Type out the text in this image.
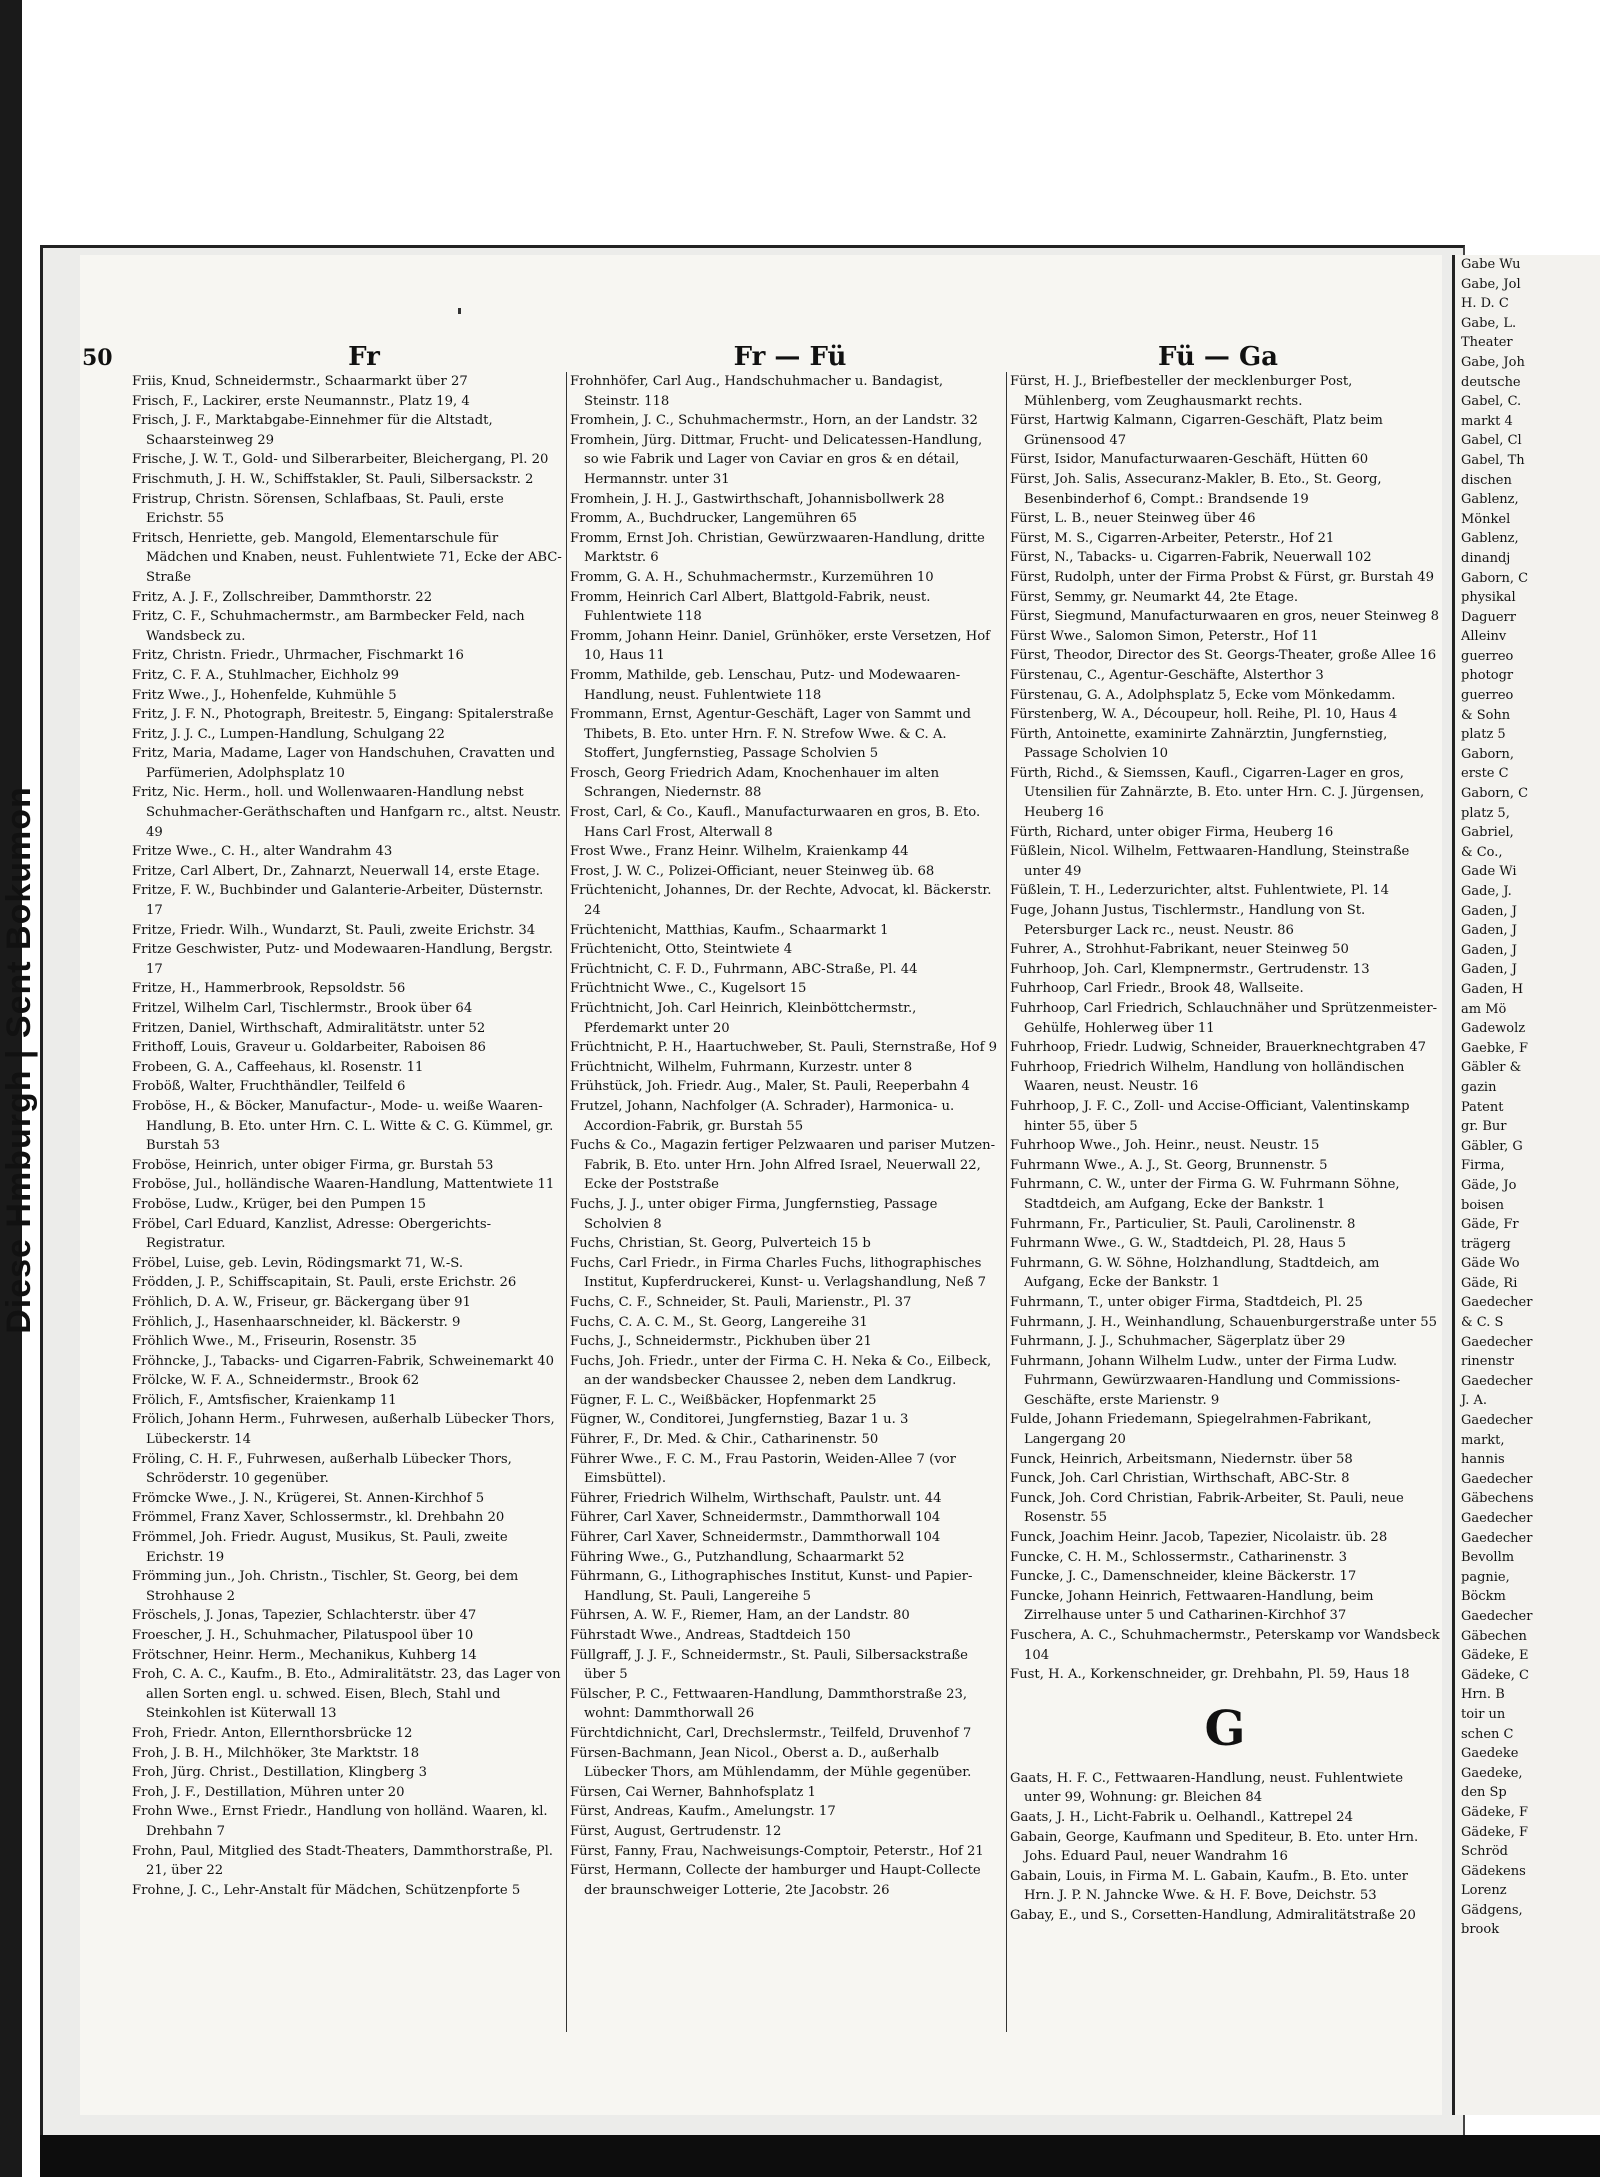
Diese Hmburgh | Sent Bokumon
50	Fr	Fr — Fü	Fü — Ga
Friis, Knud, Schneidermstr., Schaarmarkt über 27
Frisch, F., Lackirer, erste Neumannstr., Platz 19, 4
Frisch, J. F., Marktabgabe-Einnehmer für die Altstadt, Schaarsteinweg 29
Frische, J. W. T., Gold- und Silberarbeiter, Bleichergang, Pl. 20
Frischmuth, J. H. W., Schiffstakler, St. Pauli, Silbersackstr. 2
Fristrup, Christn. Sörensen, Schlafbaas, St. Pauli, erste Erichstr. 55
Fritsch, Henriette, geb. Mangold, Elementarschule für Mädchen und Knaben, neust. Fuhlentwiete 71, Ecke der ABC-Straße
Fritz, A. J. F., Zollschreiber, Dammthorstr. 22
Fritz, C. F., Schuhmachermstr., am Barmbecker Feld, nach Wandsbeck zu.
Fritz, Christn. Friedr., Uhrmacher, Fischmarkt 16
Fritz, C. F. A., Stuhlmacher, Eichholz 99
Fritz Wwe., J., Hohenfelde, Kuhmühle 5
Fritz, J. F. N., Photograph, Breitestr. 5, Eingang: Spitalerstraße
Fritz, J. J. C., Lumpen-Handlung, Schulgang 22
Fritz, Maria, Madame, Lager von Handschuhen, Cravatten und Parfümerien, Adolphsplatz 10
Fritz, Nic. Herm., holl. und Wollenwaaren-Handlung nebst Schuhmacher-Geräthschaften und Hanfgarn rc., altst. Neustr. 49
Fritze Wwe., C. H., alter Wandrahm 43
Fritze, Carl Albert, Dr., Zahnarzt, Neuerwall 14, erste Etage.
Fritze, F. W., Buchbinder und Galanterie-Arbeiter, Düsternstr. 17
Fritze, Friedr. Wilh., Wundarzt, St. Pauli, zweite Erichstr. 34
Fritze Geschwister, Putz- und Modewaaren-Handlung, Bergstr. 17
Fritze, H., Hammerbrook, Repsoldstr. 56
Fritzel, Wilhelm Carl, Tischlermstr., Brook über 64
Fritzen, Daniel, Wirthschaft, Admiralitätstr. unter 52
Frithoff, Louis, Graveur u. Goldarbeiter, Raboisen 86
Frobeen, G. A., Caffeehaus, kl. Rosenstr. 11
Froböß, Walter, Fruchthändler, Teilfeld 6
Froböse, H., & Böcker, Manufactur-, Mode- u. weiße Waaren-Handlung, B. Eto. unter Hrn. C. L. Witte & C. G. Kümmel, gr. Burstah 53
Froböse, Heinrich, unter obiger Firma, gr. Burstah 53
Froböse, Jul., holländische Waaren-Handlung, Mattentwiete 11
Froböse, Ludw., Krüger, bei den Pumpen 15
Fröbel, Carl Eduard, Kanzlist, Adresse: Obergerichts-Registratur.
Fröbel, Luise, geb. Levin, Rödingsmarkt 71, W.-S.
Frödden, J. P., Schiffscapitain, St. Pauli, erste Erichstr. 26
Fröhlich, D. A. W., Friseur, gr. Bäckergang über 91
Fröhlich, J., Hasenhaarschneider, kl. Bäckerstr. 9
Fröhlich Wwe., M., Friseurin, Rosenstr. 35
Fröhncke, J., Tabacks- und Cigarren-Fabrik, Schweinemarkt 40
Frölcke, W. F. A., Schneidermstr., Brook 62
Frölich, F., Amtsfischer, Kraienkamp 11
Frölich, Johann Herm., Fuhrwesen, außerhalb Lübecker Thors, Lübeckerstr. 14
Fröling, C. H. F., Fuhrwesen, außerhalb Lübecker Thors, Schröderstr. 10 gegenüber.
Frömcke Wwe., J. N., Krügerei, St. Annen-Kirchhof 5
Frömmel, Franz Xaver, Schlossermstr., kl. Drehbahn 20
Frömmel, Joh. Friedr. August, Musikus, St. Pauli, zweite Erichstr. 19
Frömming jun., Joh. Christn., Tischler, St. Georg, bei dem Strohhause 2
Fröschels, J. Jonas, Tapezier, Schlachterstr. über 47
Froescher, J. H., Schuhmacher, Pilatuspool über 10
Frötschner, Heinr. Herm., Mechanikus, Kuhberg 14
Froh, C. A. C., Kaufm., B. Eto., Admiralitätstr. 23, das Lager von allen Sorten engl. u. schwed. Eisen, Blech, Stahl und Steinkohlen ist Küterwall 13
Froh, Friedr. Anton, Ellernthorsbrücke 12
Froh, J. B. H., Milchhöker, 3te Marktstr. 18
Froh, Jürg. Christ., Destillation, Klingberg 3
Froh, J. F., Destillation, Mühren unter 20
Frohn Wwe., Ernst Friedr., Handlung von holländ. Waaren, kl. Drehbahn 7
Frohn, Paul, Mitglied des Stadt-Theaters, Dammthorstraße, Pl. 21, über 22
Frohne, J. C., Lehr-Anstalt für Mädchen, Schützenpforte 5
Frohnhöfer, Carl Aug., Handschuhmacher u. Bandagist, Steinstr. 118
Fromhein, J. C., Schuhmachermstr., Horn, an der Landstr. 32
Fromhein, Jürg. Dittmar, Frucht- und Delicatessen-Handlung, so wie Fabrik und Lager von Caviar en gros & en détail, Hermannstr. unter 31
Fromhein, J. H. J., Gastwirthschaft, Johannisbollwerk 28
Fromm, A., Buchdrucker, Langemühren 65
Fromm, Ernst Joh. Christian, Gewürzwaaren-Handlung, dritte Marktstr. 6
Fromm, G. A. H., Schuhmachermstr., Kurzemühren 10
Fromm, Heinrich Carl Albert, Blattgold-Fabrik, neust. Fuhlentwiete 118
Fromm, Johann Heinr. Daniel, Grünhöker, erste Versetzen, Hof 10, Haus 11
Fromm, Mathilde, geb. Lenschau, Putz- und Modewaaren-Handlung, neust. Fuhlentwiete 118
Frommann, Ernst, Agentur-Geschäft, Lager von Sammt und Thibets, B. Eto. unter Hrn. F. N. Strefow Wwe. & C. A. Stoffert, Jungfernstieg, Passage Scholvien 5
Frosch, Georg Friedrich Adam, Knochenhauer im alten Schrangen, Niedernstr. 88
Frost, Carl, & Co., Kaufl., Manufacturwaaren en gros, B. Eto. Hans Carl Frost, Alterwall 8
Frost Wwe., Franz Heinr. Wilhelm, Kraienkamp 44
Frost, J. W. C., Polizei-Officiant, neuer Steinweg üb. 68
Früchtenicht, Johannes, Dr. der Rechte, Advocat, kl. Bäckerstr. 24
Früchtenicht, Matthias, Kaufm., Schaarmarkt 1
Früchtenicht, Otto, Steintwiete 4
Früchtnicht, C. F. D., Fuhrmann, ABC-Straße, Pl. 44
Früchtnicht Wwe., C., Kugelsort 15
Früchtnicht, Joh. Carl Heinrich, Kleinböttchermstr., Pferdemarkt unter 20
Früchtnicht, P. H., Haartuchweber, St. Pauli, Sternstraße, Hof 9
Früchtnicht, Wilhelm, Fuhrmann, Kurzestr. unter 8
Frühstück, Joh. Friedr. Aug., Maler, St. Pauli, Reeperbahn 4
Frutzel, Johann, Nachfolger (A. Schrader), Harmonica- u. Accordion-Fabrik, gr. Burstah 55
Fuchs & Co., Magazin fertiger Pelzwaaren und pariser Mutzen-Fabrik, B. Eto. unter Hrn. John Alfred Israel, Neuerwall 22, Ecke der Poststraße
Fuchs, J. J., unter obiger Firma, Jungfernstieg, Passage Scholvien 8
Fuchs, Christian, St. Georg, Pulverteich 15 b
Fuchs, Carl Friedr., in Firma Charles Fuchs, lithographisches Institut, Kupferdruckerei, Kunst- u. Verlagshandlung, Neß 7
Fuchs, C. F., Schneider, St. Pauli, Marienstr., Pl. 37
Fuchs, C. A. C. M., St. Georg, Langereihe 31
Fuchs, J., Schneidermstr., Pickhuben über 21
Fuchs, Joh. Friedr., unter der Firma C. H. Neka & Co., Eilbeck, an der wandsbecker Chaussee 2, neben dem Landkrug.
Fügner, F. L. C., Weißbäcker, Hopfenmarkt 25
Fügner, W., Conditorei, Jungfernstieg, Bazar 1 u. 3
Führer, F., Dr. Med. & Chir., Catharinenstr. 50
Führer Wwe., F. C. M., Frau Pastorin, Weiden-Allee 7 (vor Eimsbüttel).
Führer, Friedrich Wilhelm, Wirthschaft, Paulstr. unt. 44
Führer, Carl Xaver, Schneidermstr., Dammthorwall 104
Führer, Carl Xaver, Schneidermstr., Dammthorwall 104
Führing Wwe., G., Putzhandlung, Schaarmarkt 52
Führmann, G., Lithographisches Institut, Kunst- und Papier-Handlung, St. Pauli, Langereihe 5
Führsen, A. W. F., Riemer, Ham, an der Landstr. 80
Führstadt Wwe., Andreas, Stadtdeich 150
Füllgraff, J. J. F., Schneidermstr., St. Pauli, Silbersackstraße über 5
Fülscher, P. C., Fettwaaren-Handlung, Dammthorstraße 23, wohnt: Dammthorwall 26
Fürchtdichnicht, Carl, Drechslermstr., Teilfeld, Druvenhof 7
Fürsen-Bachmann, Jean Nicol., Oberst a. D., außerhalb Lübecker Thors, am Mühlendamm, der Mühle gegenüber.
Fürsen, Cai Werner, Bahnhofsplatz 1
Fürst, Andreas, Kaufm., Amelungstr. 17
Fürst, August, Gertrudenstr. 12
Fürst, Fanny, Frau, Nachweisungs-Comptoir, Peterstr., Hof 21
Fürst, Hermann, Collecte der hamburger und Haupt-Collecte der braunschweiger Lotterie, 2te Jacobstr. 26
Fürst, H. J., Briefbesteller der mecklenburger Post, Mühlenberg, vom Zeughausmarkt rechts.
Fürst, Hartwig Kalmann, Cigarren-Geschäft, Platz beim Grünensood 47
Fürst, Isidor, Manufacturwaaren-Geschäft, Hütten 60
Fürst, Joh. Salis, Assecuranz-Makler, B. Eto., St. Georg, Besenbinderhof 6, Compt.: Brandsende 19
Fürst, L. B., neuer Steinweg über 46
Fürst, M. S., Cigarren-Arbeiter, Peterstr., Hof 21
Fürst, N., Tabacks- u. Cigarren-Fabrik, Neuerwall 102
Fürst, Rudolph, unter der Firma Probst & Fürst, gr. Burstah 49
Fürst, Semmy, gr. Neumarkt 44, 2te Etage.
Fürst, Siegmund, Manufacturwaaren en gros, neuer Steinweg 8
Fürst Wwe., Salomon Simon, Peterstr., Hof 11
Fürst, Theodor, Director des St. Georgs-Theater, große Allee 16
Fürstenau, C., Agentur-Geschäfte, Alsterthor 3
Fürstenau, G. A., Adolphsplatz 5, Ecke vom Mönkedamm.
Fürstenberg, W. A., Découpeur, holl. Reihe, Pl. 10, Haus 4
Fürth, Antoinette, examinirte Zahnärztin, Jungfernstieg, Passage Scholvien 10
Fürth, Richd., & Siemssen, Kaufl., Cigarren-Lager en gros, Utensilien für Zahnärzte, B. Eto. unter Hrn. C. J. Jürgensen, Heuberg 16
Fürth, Richard, unter obiger Firma, Heuberg 16
Füßlein, Nicol. Wilhelm, Fettwaaren-Handlung, Steinstraße unter 49
Füßlein, T. H., Lederzurichter, altst. Fuhlentwiete, Pl. 14
Fuge, Johann Justus, Tischlermstr., Handlung von St. Petersburger Lack rc., neust. Neustr. 86
Fuhrer, A., Strohhut-Fabrikant, neuer Steinweg 50
Fuhrhoop, Joh. Carl, Klempnermstr., Gertrudenstr. 13
Fuhrhoop, Carl Friedr., Brook 48, Wallseite.
Fuhrhoop, Carl Friedrich, Schlauchnäher und Sprützenmeister-Gehülfe, Hohlerweg über 11
Fuhrhoop, Friedr. Ludwig, Schneider, Brauerknechtgraben 47
Fuhrhoop, Friedrich Wilhelm, Handlung von holländischen Waaren, neust. Neustr. 16
Fuhrhoop, J. F. C., Zoll- und Accise-Officiant, Valentinskamp hinter 55, über 5
Fuhrhoop Wwe., Joh. Heinr., neust. Neustr. 15
Fuhrmann Wwe., A. J., St. Georg, Brunnenstr. 5
Fuhrmann, C. W., unter der Firma G. W. Fuhrmann Söhne, Stadtdeich, am Aufgang, Ecke der Bankstr. 1
Fuhrmann, Fr., Particulier, St. Pauli, Carolinenstr. 8
Fuhrmann Wwe., G. W., Stadtdeich, Pl. 28, Haus 5
Fuhrmann, G. W. Söhne, Holzhandlung, Stadtdeich, am Aufgang, Ecke der Bankstr. 1
Fuhrmann, T., unter obiger Firma, Stadtdeich, Pl. 25
Fuhrmann, J. H., Weinhandlung, Schauenburgerstraße unter 55
Fuhrmann, J. J., Schuhmacher, Sägerplatz über 29
Fuhrmann, Johann Wilhelm Ludw., unter der Firma Ludw. Fuhrmann, Gewürzwaaren-Handlung und Commissions-Geschäfte, erste Marienstr. 9
Fulde, Johann Friedemann, Spiegelrahmen-Fabrikant, Langergang 20
Funck, Heinrich, Arbeitsmann, Niedernstr. über 58
Funck, Joh. Carl Christian, Wirthschaft, ABC-Str. 8
Funck, Joh. Cord Christian, Fabrik-Arbeiter, St. Pauli, neue Rosenstr. 55
Funck, Joachim Heinr. Jacob, Tapezier, Nicolaistr. üb. 28
Funcke, C. H. M., Schlossermstr., Catharinenstr. 3
Funcke, J. C., Damenschneider, kleine Bäckerstr. 17
Funcke, Johann Heinrich, Fettwaaren-Handlung, beim Zirrelhause unter 5 und Catharinen-Kirchhof 37
Fuschera, A. C., Schuhmachermstr., Peterskamp vor Wandsbeck 104
Fust, H. A., Korkenschneider, gr. Drehbahn, Pl. 59, Haus 18
G
Gaats, H. F. C., Fettwaaren-Handlung, neust. Fuhlentwiete unter 99, Wohnung: gr. Bleichen 84
Gaats, J. H., Licht-Fabrik u. Oelhandl., Kattrepel 24
Gabain, George, Kaufmann und Spediteur, B. Eto. unter Hrn. Johs. Eduard Paul, neuer Wandrahm 16
Gabain, Louis, in Firma M. L. Gabain, Kaufm., B. Eto. unter Hrn. J. P. N. Jahncke Wwe. & H. F. Bove, Deichstr. 53
Gabay, E., und S., Corsetten-Handlung, Admiralitätstraße 20
Gabe Wu
Gabe, Jol
H. D. C
Gabe, L.
Theater
Gabe, Joh
deutsche
Gabel, C.
markt 4
Gabel, Cl
Gabel, Th
dischen
Gablenz,
Mönkel
Gablenz,
dinandj
Gaborn, C
physikal
Daguerr
Alleinv
guerreo
photogr
guerreo
& Sohn
platz 5
Gaborn,
erste C
Gaborn, C
platz 5,
Gabriel,
& Co.,
Gade Wi
Gade, J.
Gaden, J
Gaden, J
Gaden, J
Gaden, J
Gaden, H
am Mö
Gadewolz
Gaebke, F
Gäbler &
gazin
Patent
gr. Bur
Gäbler, G
Firma,
Gäde, Jo
boisen
Gäde, Fr
trägerg
Gäde Wo
Gäde, Ri
Gaedecher
& C. S
Gaedecher
rinenstr
Gaedecher
J. A.
Gaedecher
markt,
hannis
Gaedecher
Gäbechens
Gaedecher
Gaedecher
Bevollm
pagnie,
Böckm
Gaedecher
Gäbechen
Gädeke, E
Gädeke, C
Hrn. B
toir un
schen C
Gaedeke
Gaedeke,
den Sp
Gädeke, F
Gädeke, F
Schröd
Gädekens
Lorenz
Gädgens,
brook
